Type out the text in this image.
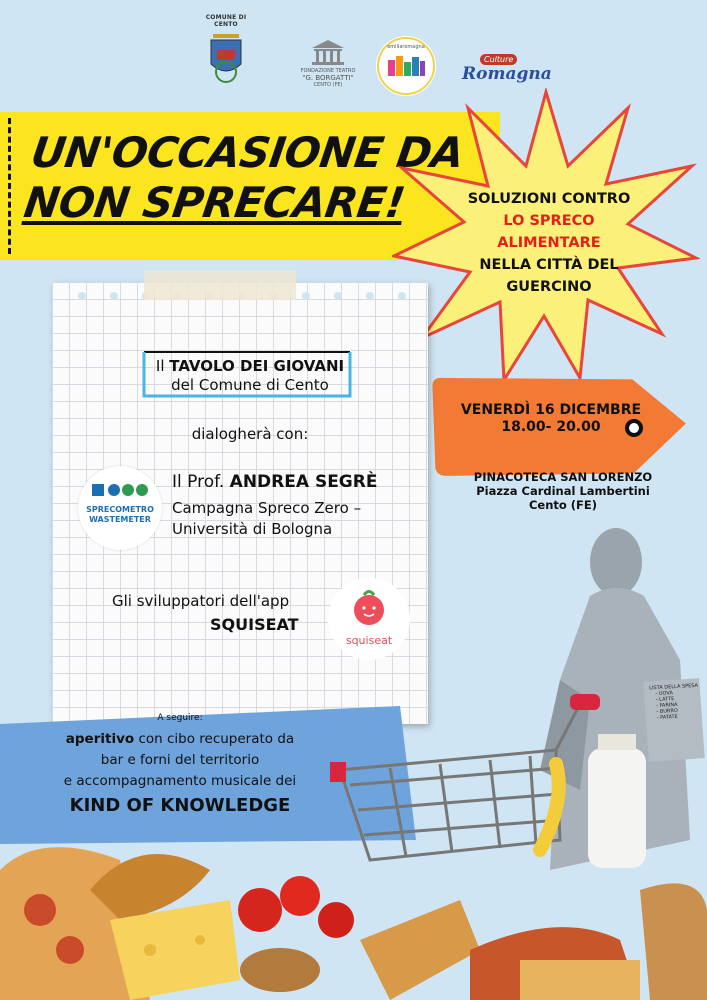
COMUNE DI CENTO
FONDAZIONE TEATRO
"G. BORGATTI"
CENTO (FE)
emiliaromagna
Culture
Romagna
UN'OCCASIONE DA
NON SPRECARE!	SOLUZIONI CONTRO
LO SPRECO
ALIMENTARE
NELLA CITTÀ DEL
GUERCINO
VENERDÌ 16 DICEMBRE
18.00- 20.00
Il TAVOLO DEI GIOVANI
del Comune di Cento
dialogherà con:
SPRECOMETRO
WASTEMETER
Il Prof. ANDREA SEGRÈ
Campagna Spreco Zero –
Università di Bologna
Gli sviluppatori dell'app
SQUISEAT
squiseat
LISTA DELLA SPESA
- UOVA
- LATTE
- FARINA
- BURRO
- PATATE
PINACOTECA SAN LORENZO
Piazza Cardinal Lambertini
Cento (FE)
A seguire:
aperitivo con cibo recuperato da
bar e forni del territorio
e accompagnamento musicale dei
KIND OF KNOWLEDGE
